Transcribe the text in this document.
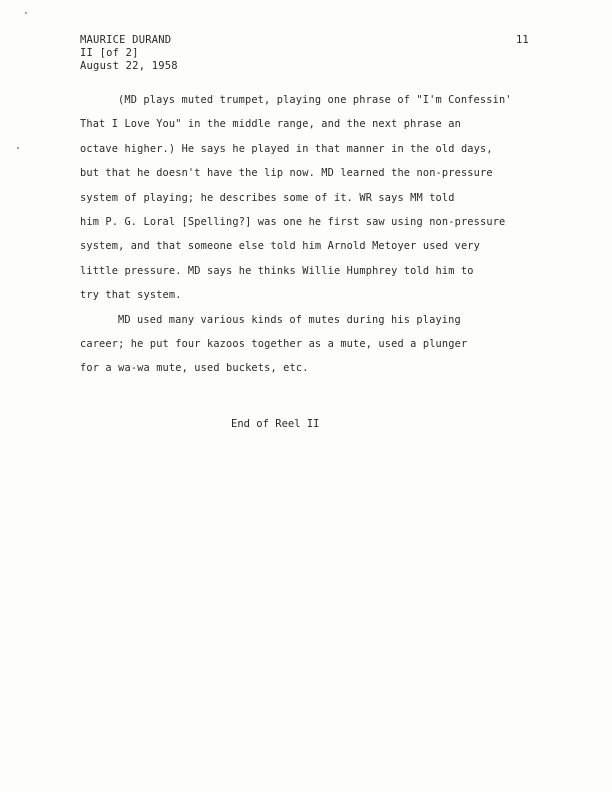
MAURICE DURAND
II [of 2]
August 22, 1958
11
(MD plays muted trumpet, playing one phrase of "I'm Confessin'
That I Love You" in the middle range, and the next phrase an
octave higher.) He says he played in that manner in the old days,
but that he doesn't have the lip now. MD learned the non-pressure
system of playing; he describes some of it. WR says MM told
him P. G. Loral [Spelling?] was one he first saw using non-pressure
system, and that someone else told him Arnold Metoyer used very
little pressure. MD says he thinks Willie Humphrey told him to
try that system.
MD used many various kinds of mutes during his playing
career; he put four kazoos together as a mute, used a plunger
for a wa-wa mute, used buckets, etc.
End of Reel II
